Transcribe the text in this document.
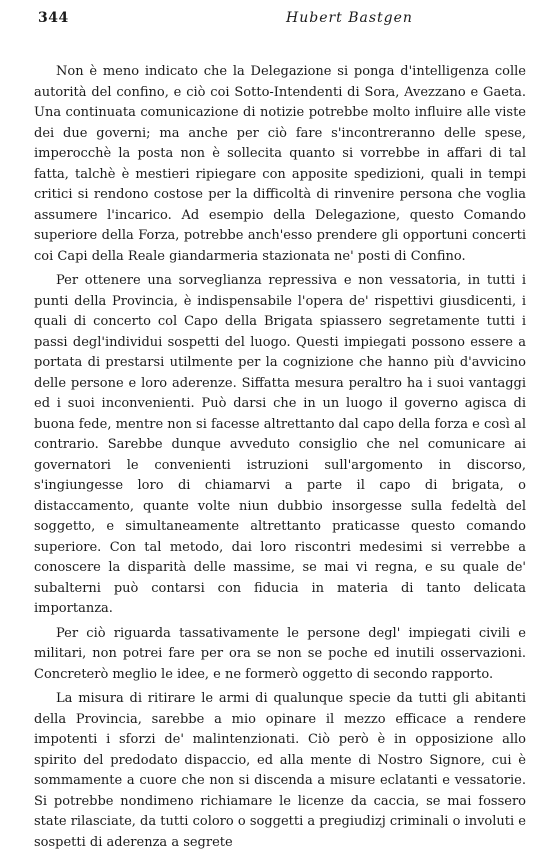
344	Hubert Bastgen

Non è meno indicato che la Delegazione si ponga d'intelligenza colle autorità del confino, e ciò coi Sotto-Intendenti di Sora, Avezzano e Gaeta. Una continuata comunicazione di notizie potrebbe molto influire alle viste dei due governi; ma anche per ciò fare s'incontreranno delle spese, imperocchè la posta non è sollecita quanto si vorrebbe in affari di tal fatta, talchè è mestieri ripiegare con apposite spedizioni, quali in tempi critici si rendono costose per la difficoltà di rinvenire persona che voglia assumere l'incarico. Ad esempio della Delegazione, questo Comando superiore della Forza, potrebbe anch'esso prendere gli opportuni concerti coi Capi della Reale giandarmeria stazionata ne' posti di Confino.

Per ottenere una sorveglianza repressiva e non vessatoria, in tutti i punti della Provincia, è indispensabile l'opera de' rispettivi giusdicenti, i quali di concerto col Capo della Brigata spiassero segretamente tutti i passi degl'individui sospetti del luogo. Questi impiegati possono essere a portata di prestarsi utilmente per la cognizione che hanno più d'avvicino delle persone e loro aderenze. Siffatta mesura peraltro ha i suoi vantaggi ed i suoi inconvenienti. Può darsi che in un luogo il governo agisca di buona fede, mentre non si facesse altrettanto dal capo della forza e così al contrario. Sarebbe dunque avveduto consiglio che nel comunicare ai governatori le convenienti istruzioni sull'argomento in discorso, s'ingiungesse loro di chiamarvi a parte il capo di brigata, o distaccamento, quante volte niun dubbio insorgesse sulla fedeltà del soggetto, e simultaneamente altrettanto praticasse questo comando superiore. Con tal metodo, dai loro riscontri medesimi si verrebbe a conoscere la disparità delle massime, se mai vi regna, e su quale de' subalterni può contarsi con fiducia in materia di tanto delicata importanza.

Per ciò riguarda tassativamente le persone degl' impiegati civili e militari, non potrei fare per ora se non se poche ed inutili osservazioni. Concreterò meglio le idee, e ne formerò oggetto di secondo rapporto.

La misura di ritirare le armi di qualunque specie da tutti gli abitanti della Provincia, sarebbe a mio opinare il mezzo efficace a rendere impotenti i sforzi de' malintenzionati. Ciò però è in opposizione allo spirito del predodato dispaccio, ed alla mente di Nostro Signore, cui è sommamente a cuore che non si discenda a misure eclatanti e vessatorie. Si potrebbe nondimeno richiamare le licenze da caccia, se mai fossero state rilasciate, da tutti coloro o soggetti a pregiudizj criminali o involuti e sospetti di aderenza a segrete
